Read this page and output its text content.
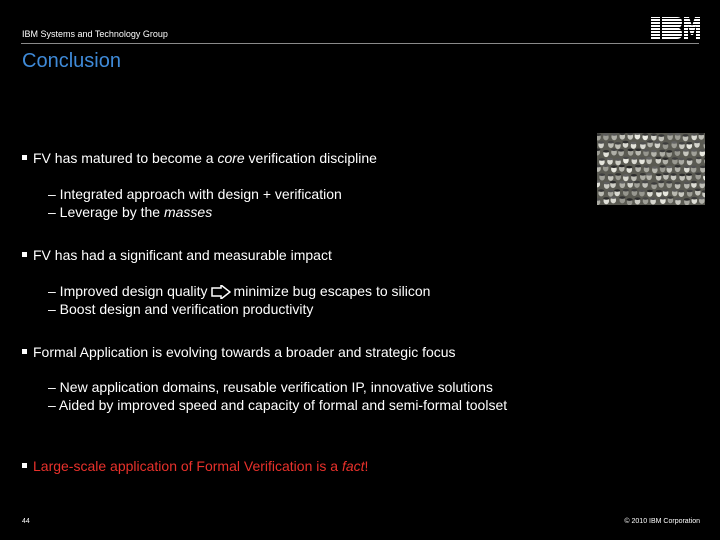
IBM Systems and Technology Group
Conclusion
FV has matured to become a core verification discipline
– Integrated approach with design + verification
– Leverage by the masses
FV has had a significant and measurable impact
– Improved design quality minimize bug escapes to silicon
– Boost design and verification productivity
Formal Application is evolving towards a broader and strategic focus
– New application domains, reusable verification IP, innovative solutions
– Aided by improved speed and capacity of formal and semi-formal toolset
Large-scale application of Formal Verification is a fact!
44	© 2010 IBM Corporation
